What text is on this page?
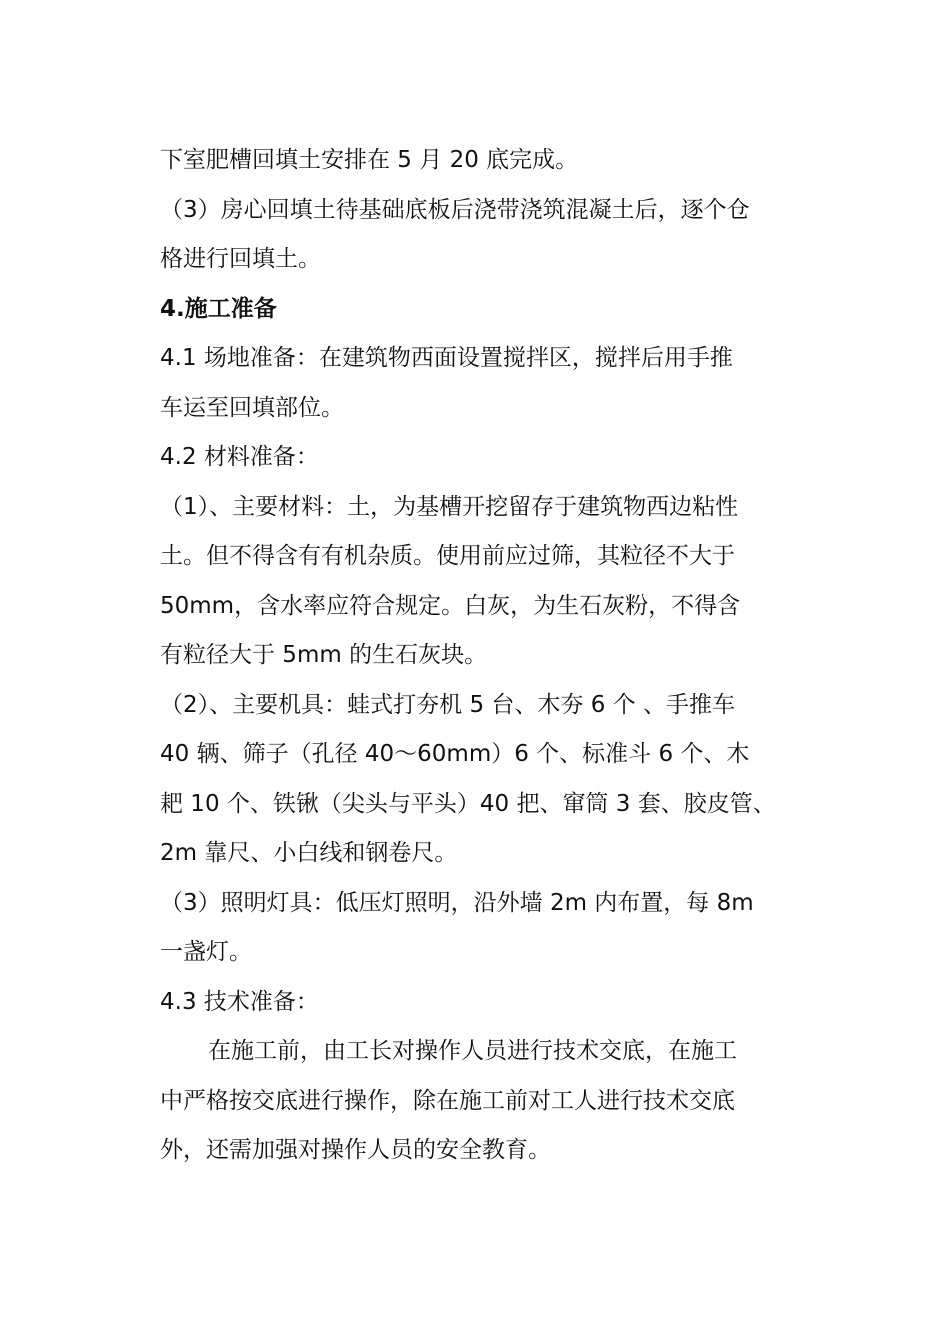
下室肥槽回填土安排在 5 月 20 底完成。
（3）房心回填土待基础底板后浇带浇筑混凝土后，逐个仓
格进行回填土。
4.施工准备
4.1 场地准备：在建筑物西面设置搅拌区，搅拌后用手推
车运至回填部位。
4.2 材料准备：
（1）、主要材料：土，为基槽开挖留存于建筑物西边粘性
土。但不得含有有机杂质。使用前应过筛，其粒径不大于
50mm，含水率应符合规定。白灰，为生石灰粉，不得含
有粒径大于 5mm 的生石灰块。
（2）、主要机具：蛙式打夯机 5 台、木夯 6 个 、手推车
40 辆、筛子（孔径 40～60mm）6 个、标准斗 6 个、木
耙 10 个、铁锹（尖头与平头）40 把、窜筒 3 套、胶皮管、
2m 靠尺、小白线和钢卷尺。
（3）照明灯具：低压灯照明，沿外墙 2m 内布置，每 8m
一盏灯。
4.3 技术准备：
在施工前，由工长对操作人员进行技术交底，在施工
中严格按交底进行操作，除在施工前对工人进行技术交底
外，还需加强对操作人员的安全教育。
